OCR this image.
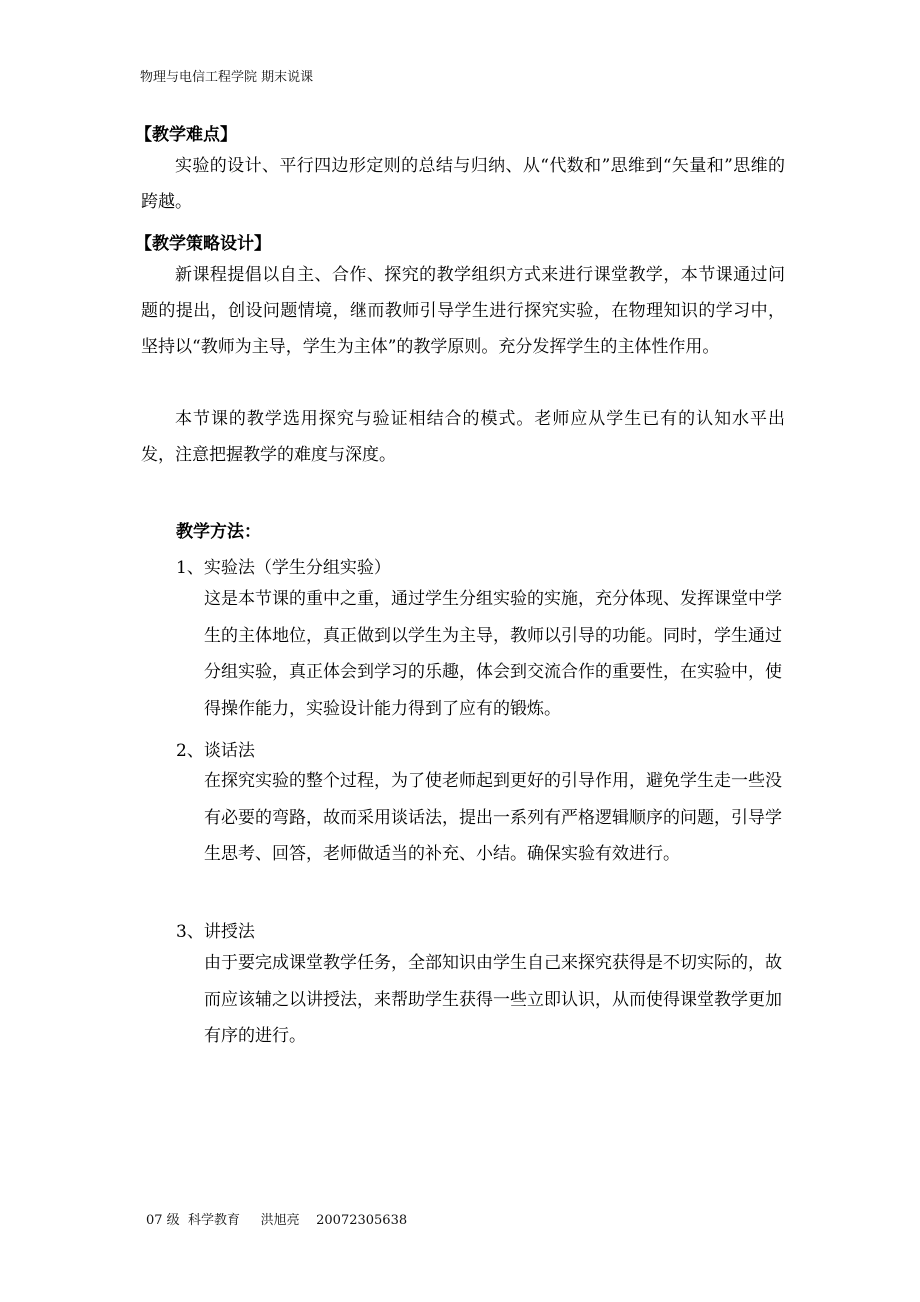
物理与电信工程学院 期末说课
【教学难点】
实验的设计、平行四边形定则的总结与归纳、从“代数和”思维到“矢量和”思维的跨越。
【教学策略设计】
新课程提倡以自主、合作、探究的教学组织方式来进行课堂教学，本节课通过问题的提出，创设问题情境，继而教师引导学生进行探究实验，在物理知识的学习中，坚持以“教师为主导，学生为主体”的教学原则。充分发挥学生的主体性作用。
本节课的教学选用探究与验证相结合的模式。老师应从学生已有的认知水平出发，注意把握教学的难度与深度。
教学方法：
1、实验法（学生分组实验）
这是本节课的重中之重，通过学生分组实验的实施，充分体现、发挥课堂中学生的主体地位，真正做到以学生为主导，教师以引导的功能。同时，学生通过分组实验，真正体会到学习的乐趣，体会到交流合作的重要性，在实验中，使得操作能力，实验设计能力得到了应有的锻炼。
2、谈话法
在探究实验的整个过程，为了使老师起到更好的引导作用，避免学生走一些没有必要的弯路，故而采用谈话法，提出一系列有严格逻辑顺序的问题，引导学生思考、回答，老师做适当的补充、小结。确保实验有效进行。
3、讲授法
由于要完成课堂教学任务，全部知识由学生自己来探究获得是不切实际的，故而应该辅之以讲授法，来帮助学生获得一些立即认识，从而使得课堂教学更加有序的进行。
07 级  科学教育     洪旭亮    20072305638
